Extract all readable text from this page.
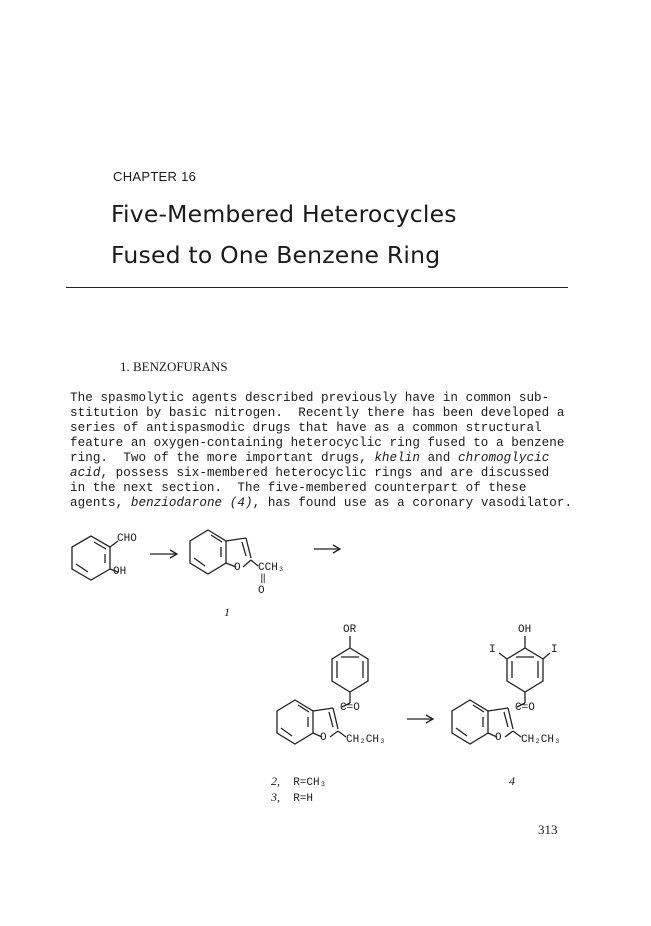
CHAPTER 16
Five-Membered Heterocycles
Fused to One Benzene Ring
1. BENZOFURANS
The spasmolytic agents described previously have in common sub-
stitution by basic nitrogen.  Recently there has been developed a
series of antispasmodic drugs that have as a common structural
feature an oxygen-containing heterocyclic ring fused to a benzene
ring.  Two of the more important drugs, khelin and chromoglycic
acid, possess six-membered heterocyclic rings and are discussed
in the next section.  The five-membered counterpart of these
agents, benziodarone (4), has found use as a coronary vasodilator.
CHO
OH	O CCH₃
‖
O
1
OR
C=O
O CH₂CH₃
OH
I	I
C=O
O CH₂CH₃
2, R=CH₃
3, R=H
4
313
